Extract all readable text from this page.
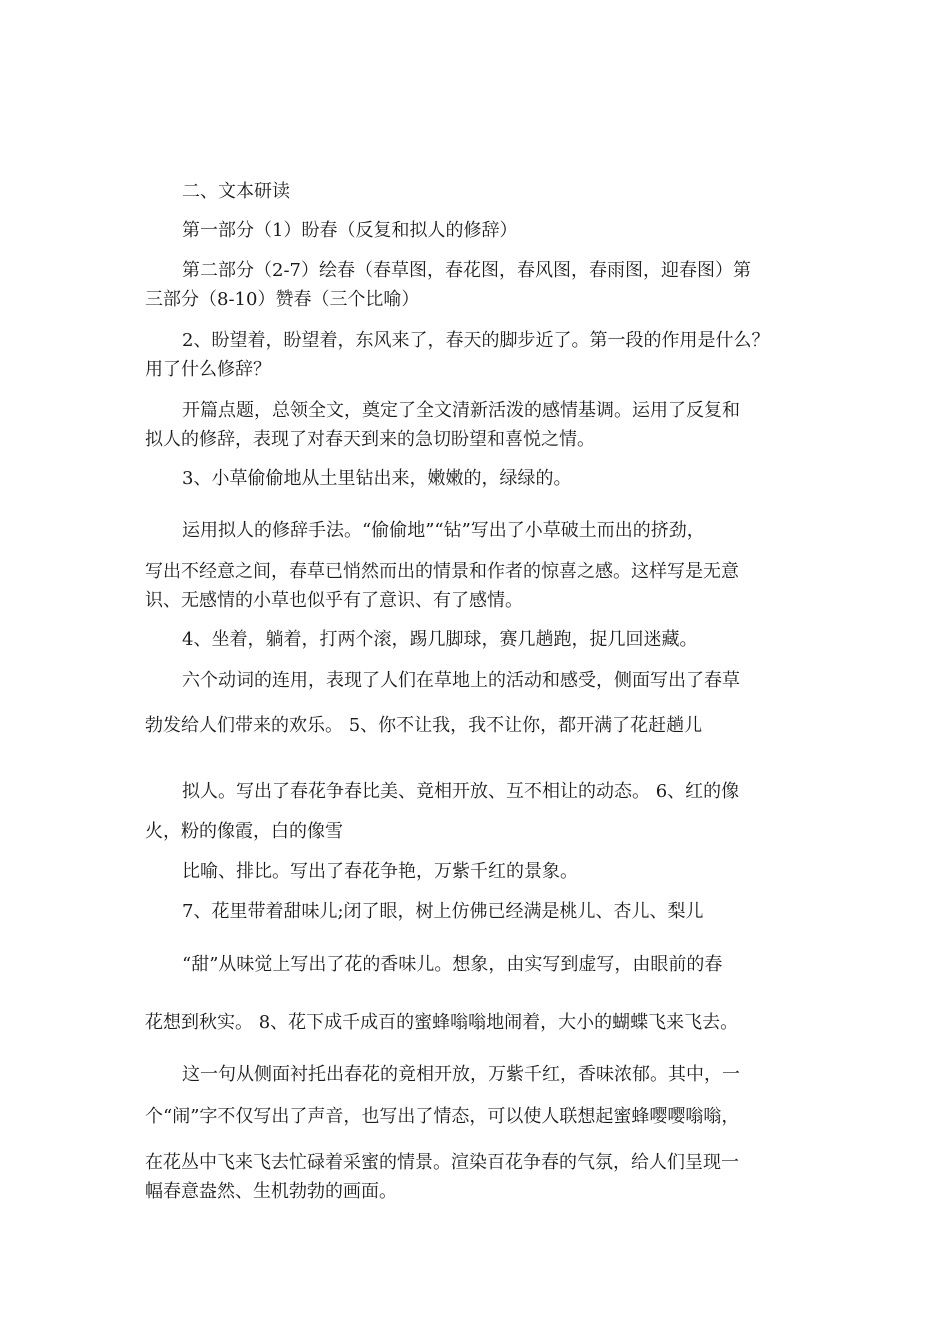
二、文本研读
第一部分（1）盼春（反复和拟人的修辞）
第二部分（2-7）绘春（春草图，春花图，春风图，春雨图，迎春图）第
三部分（8-10）赞春（三个比喻）
2、盼望着，盼望着，东风来了，春天的脚步近了。第一段的作用是什么？
用了什么修辞？
开篇点题，总领全文，奠定了全文清新活泼的感情基调。运用了反复和
拟人的修辞，表现了对春天到来的急切盼望和喜悦之情。
3、小草偷偷地从土里钻出来，嫩嫩的，绿绿的。
运用拟人的修辞手法。“偷偷地”“钻”写出了小草破土而出的挤劲，
写出不经意之间，春草已悄然而出的情景和作者的惊喜之感。这样写是无意
识、无感情的小草也似乎有了意识、有了感情。
4、坐着，躺着，打两个滚，踢几脚球，赛几趟跑，捉几回迷藏。
六个动词的连用，表现了人们在草地上的活动和感受，侧面写出了春草
勃发给人们带来的欢乐。 5、你不让我，我不让你，都开满了花赶趟儿
拟人。写出了春花争春比美、竟相开放、互不相让的动态。 6、红的像
火，粉的像霞，白的像雪
比喻、排比。写出了春花争艳，万紫千红的景象。
7、花里带着甜味儿;闭了眼，树上仿佛已经满是桃儿、杏儿、梨儿
“甜”从味觉上写出了花的香味儿。想象，由实写到虚写，由眼前的春
花想到秋实。 8、花下成千成百的蜜蜂嗡嗡地闹着，大小的蝴蝶飞来飞去。
这一句从侧面衬托出春花的竟相开放，万紫千红，香味浓郁。其中，一
个“闹”字不仅写出了声音，也写出了情态，可以使人联想起蜜蜂嘤嘤嗡嗡，
在花丛中飞来飞去忙碌着采蜜的情景。渲染百花争春的气氛，给人们呈现一
幅春意盎然、生机勃勃的画面。
